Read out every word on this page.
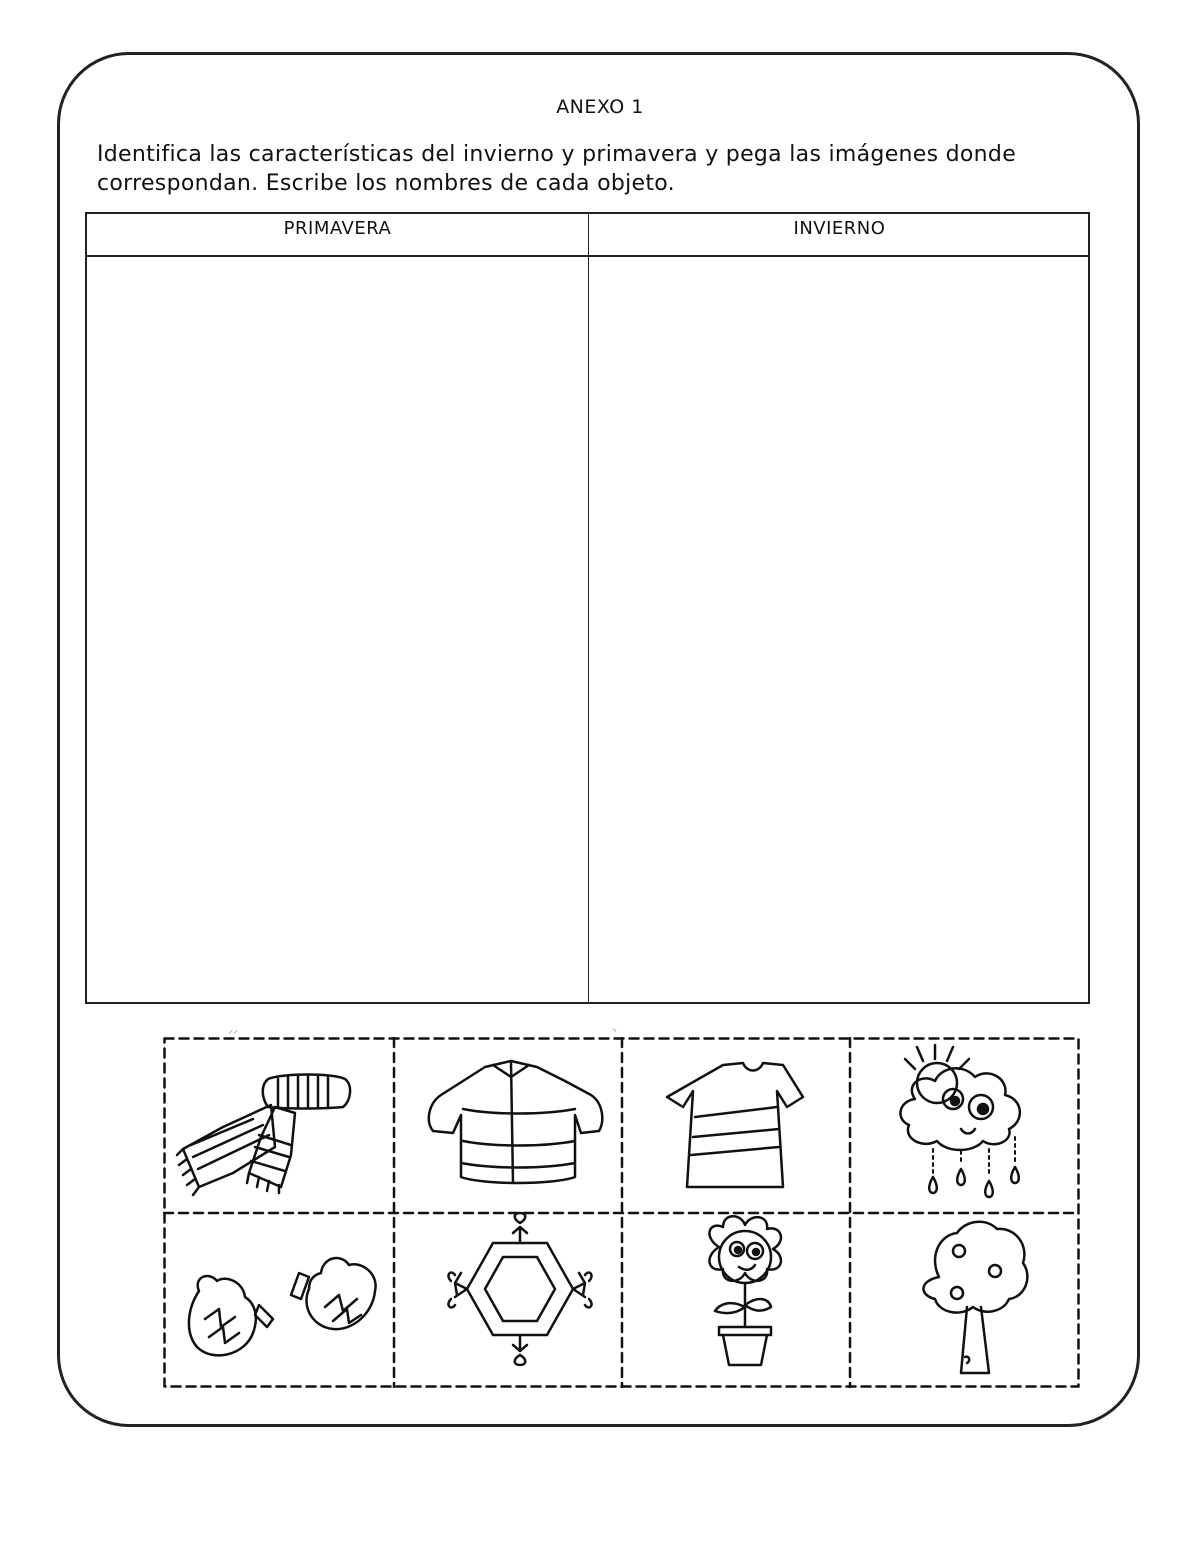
ANEXO 1
Identifica las características del invierno y primavera y pega las imágenes donde correspondan. Escribe los nombres de cada objeto.
PRIMAVERA	INVIERNO
⸝⸝	⸜
